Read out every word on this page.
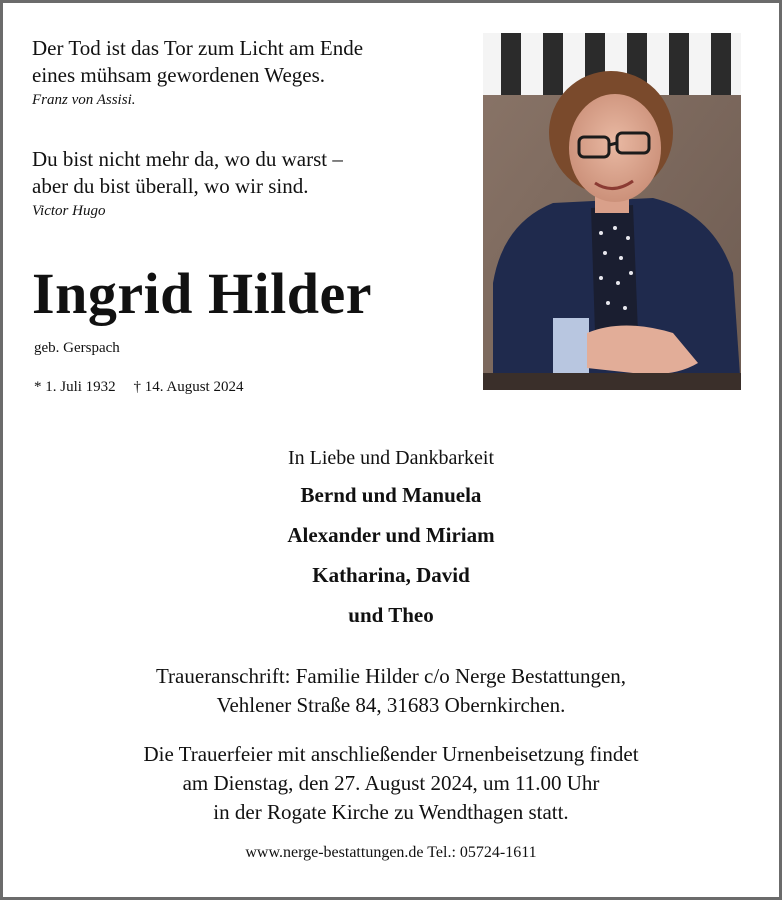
Der Tod ist das Tor zum Licht am Ende
eines mühsam gewordenen Weges.
Franz von Assisi.
Du bist nicht mehr da, wo du warst –
aber du bist überall, wo wir sind.
Victor Hugo
Ingrid Hilder
geb. Gerspach
* 1. Juli 1932 † 14. August 2024
In Liebe und Dankbarkeit
Bernd und Manuela
Alexander und Miriam
Katharina, David
und Theo
Traueranschrift: Familie Hilder c/o Nerge Bestattungen,
Vehlener Straße 84, 31683 Obernkirchen.
Die Trauerfeier mit anschließender Urnenbeisetzung findet
am Dienstag, den 27. August 2024, um 11.00 Uhr
in der Rogate Kirche zu Wendthagen statt.
www.nerge-bestattungen.de Tel.: 05724-1611
